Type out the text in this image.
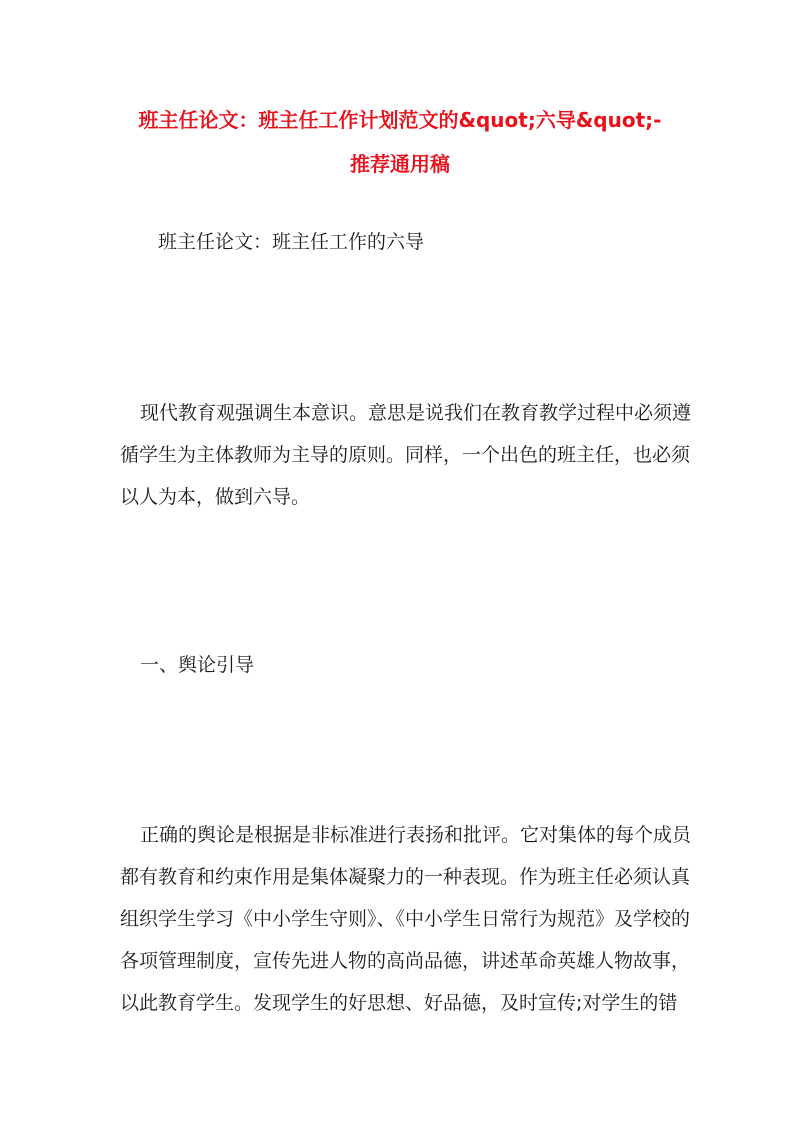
班主任论文：班主任工作计划范文的&quot;六导&quot;-
推荐通用稿

班主任论文：班主任工作的六导

现代教育观强调生本意识。意思是说我们在教育教学过程中必须遵

循学生为主体教师为主导的原则。同样，一个出色的班主任，也必须

以人为本，做到六导。

一、舆论引导

正确的舆论是根据是非标准进行表扬和批评。它对集体的每个成员

都有教育和约束作用是集体凝聚力的一种表现。作为班主任必须认真

组织学生学习《中小学生守则》、《中小学生日常行为规范》及学校的

各项管理制度，宣传先进人物的高尚品德，讲述革命英雄人物故事，

以此教育学生。发现学生的好思想、好品德，及时宣传;对学生的错
